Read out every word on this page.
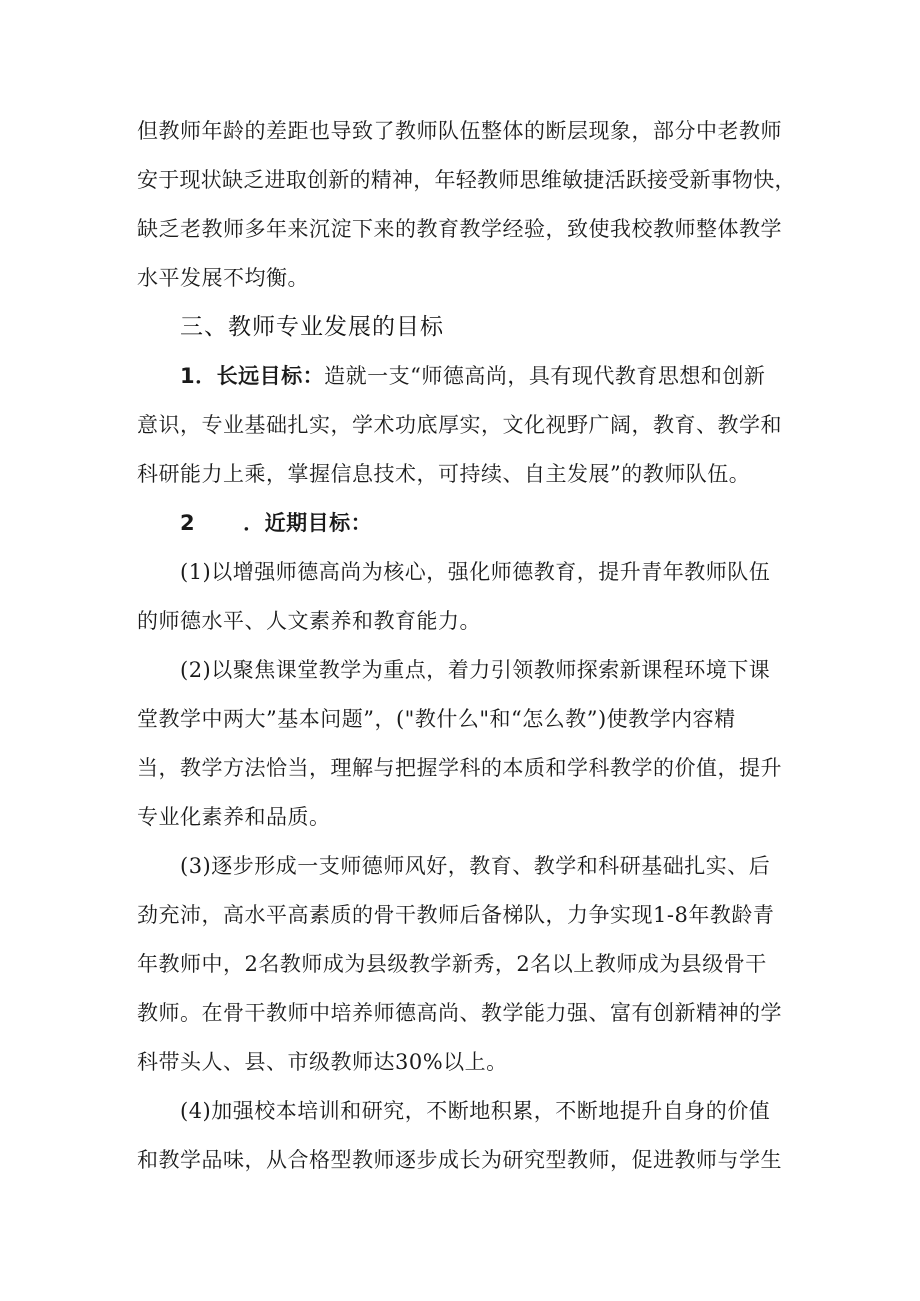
但教师年龄的差距也导致了教师队伍整体的断层现象，部分中老教师
安于现状缺乏进取创新的精神，年轻教师思维敏捷活跃接受新事物快，
缺乏老教师多年来沉淀下来的教育教学经验，致使我校教师整体教学
水平发展不均衡。
三、教师专业发展的目标
1．长远目标：造就一支“师德高尚，具有现代教育思想和创新
意识，专业基础扎实，学术功底厚实，文化视野广阔，教育、教学和
科研能力上乘，掌握信息技术，可持续、自主发展”的教师队伍。
2 ．近期目标：
(1)以增强师德高尚为核心，强化师德教育，提升青年教师队伍
的师德水平、人文素养和教育能力。
(2)以聚焦课堂教学为重点，着力引领教师探索新课程环境下课
堂教学中两大”基本问题”，("教什么"和“怎么教”)使教学内容精
当，教学方法恰当，理解与把握学科的本质和学科教学的价值，提升
专业化素养和品质。
(3)逐步形成一支师德师风好，教育、教学和科研基础扎实、后
劲充沛，高水平高素质的骨干教师后备梯队，力争实现1-8年教龄青
年教师中，2名教师成为县级教学新秀，2名以上教师成为县级骨干
教师。在骨干教师中培养师德高尚、教学能力强、富有创新精神的学
科带头人、县、市级教师达30%以上。
(4)加强校本培训和研究，不断地积累，不断地提升自身的价值
和教学品味，从合格型教师逐步成长为研究型教师，促进教师与学生
